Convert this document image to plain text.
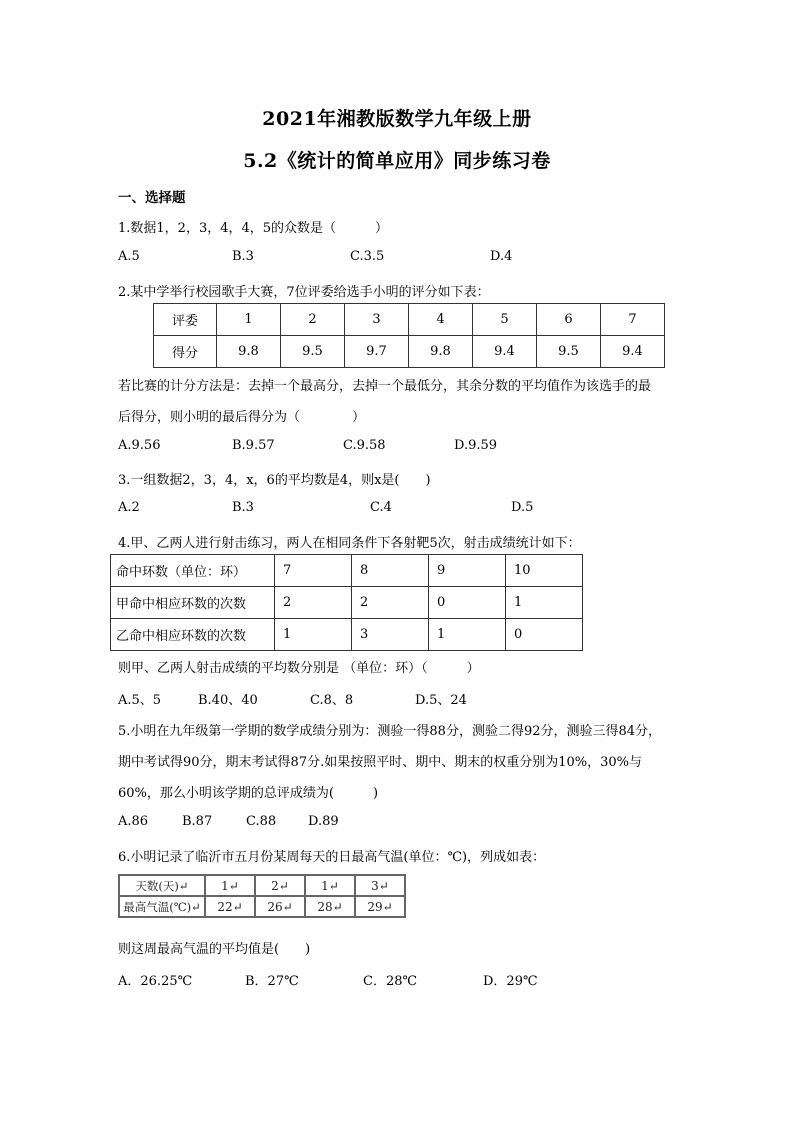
2021年湘教版数学九年级上册
5.2《统计的简单应用》同步练习卷
一、选择题
1.数据1，2，3，4，4，5的众数是（　　　）
A.5	B.3	C.3.5	D.4
2.某中学举行校园歌手大赛，7位评委给选手小明的评分如下表：
评委	1	2	3	4	5	6	7
得分	9.8	9.5	9.7	9.8	9.4	9.5	9.4
若比赛的计分方法是：去掉一个最高分，去掉一个最低分，其余分数的平均值作为该选手的最
后得分，则小明的最后得分为（　　　　）
A.9.56	B.9.57	C.9.58	D.9.59
3.一组数据2，3，4，x，6的平均数是4，则x是(　　)
A.2	B.3	C.4	D.5
4.甲、乙两人进行射击练习，两人在相同条件下各射靶5次，射击成绩统计如下：
命中环数（单位：环）	7	8	9	10
甲命中相应环数的次数	2	2	0	1
乙命中相应环数的次数	1	3	1	0
则甲、乙两人射击成绩的平均数分别是 （单位：环）（　　　）
A.5、5	B.40、40	C.8、8	D.5、24
5.小明在九年级第一学期的数学成绩分别为：测验一得88分，测验二得92分，测验三得84分，
期中考试得90分，期末考试得87分.如果按照平时、期中、期末的权重分别为10%，30%与
60%，那么小明该学期的总评成绩为(　　　)
A.86	B.87	C.88 D.89
6.小明记录了临沂市五月份某周每天的日最高气温(单位：℃)，列成如表：
天数(天)↵	1↵	2↵	1↵	3↵
最高气温(℃)↵	22↵	26↵	28↵	29↵
则这周最高气温的平均值是(　　)
A．26.25℃	B．27℃	C．28℃	D．29℃
